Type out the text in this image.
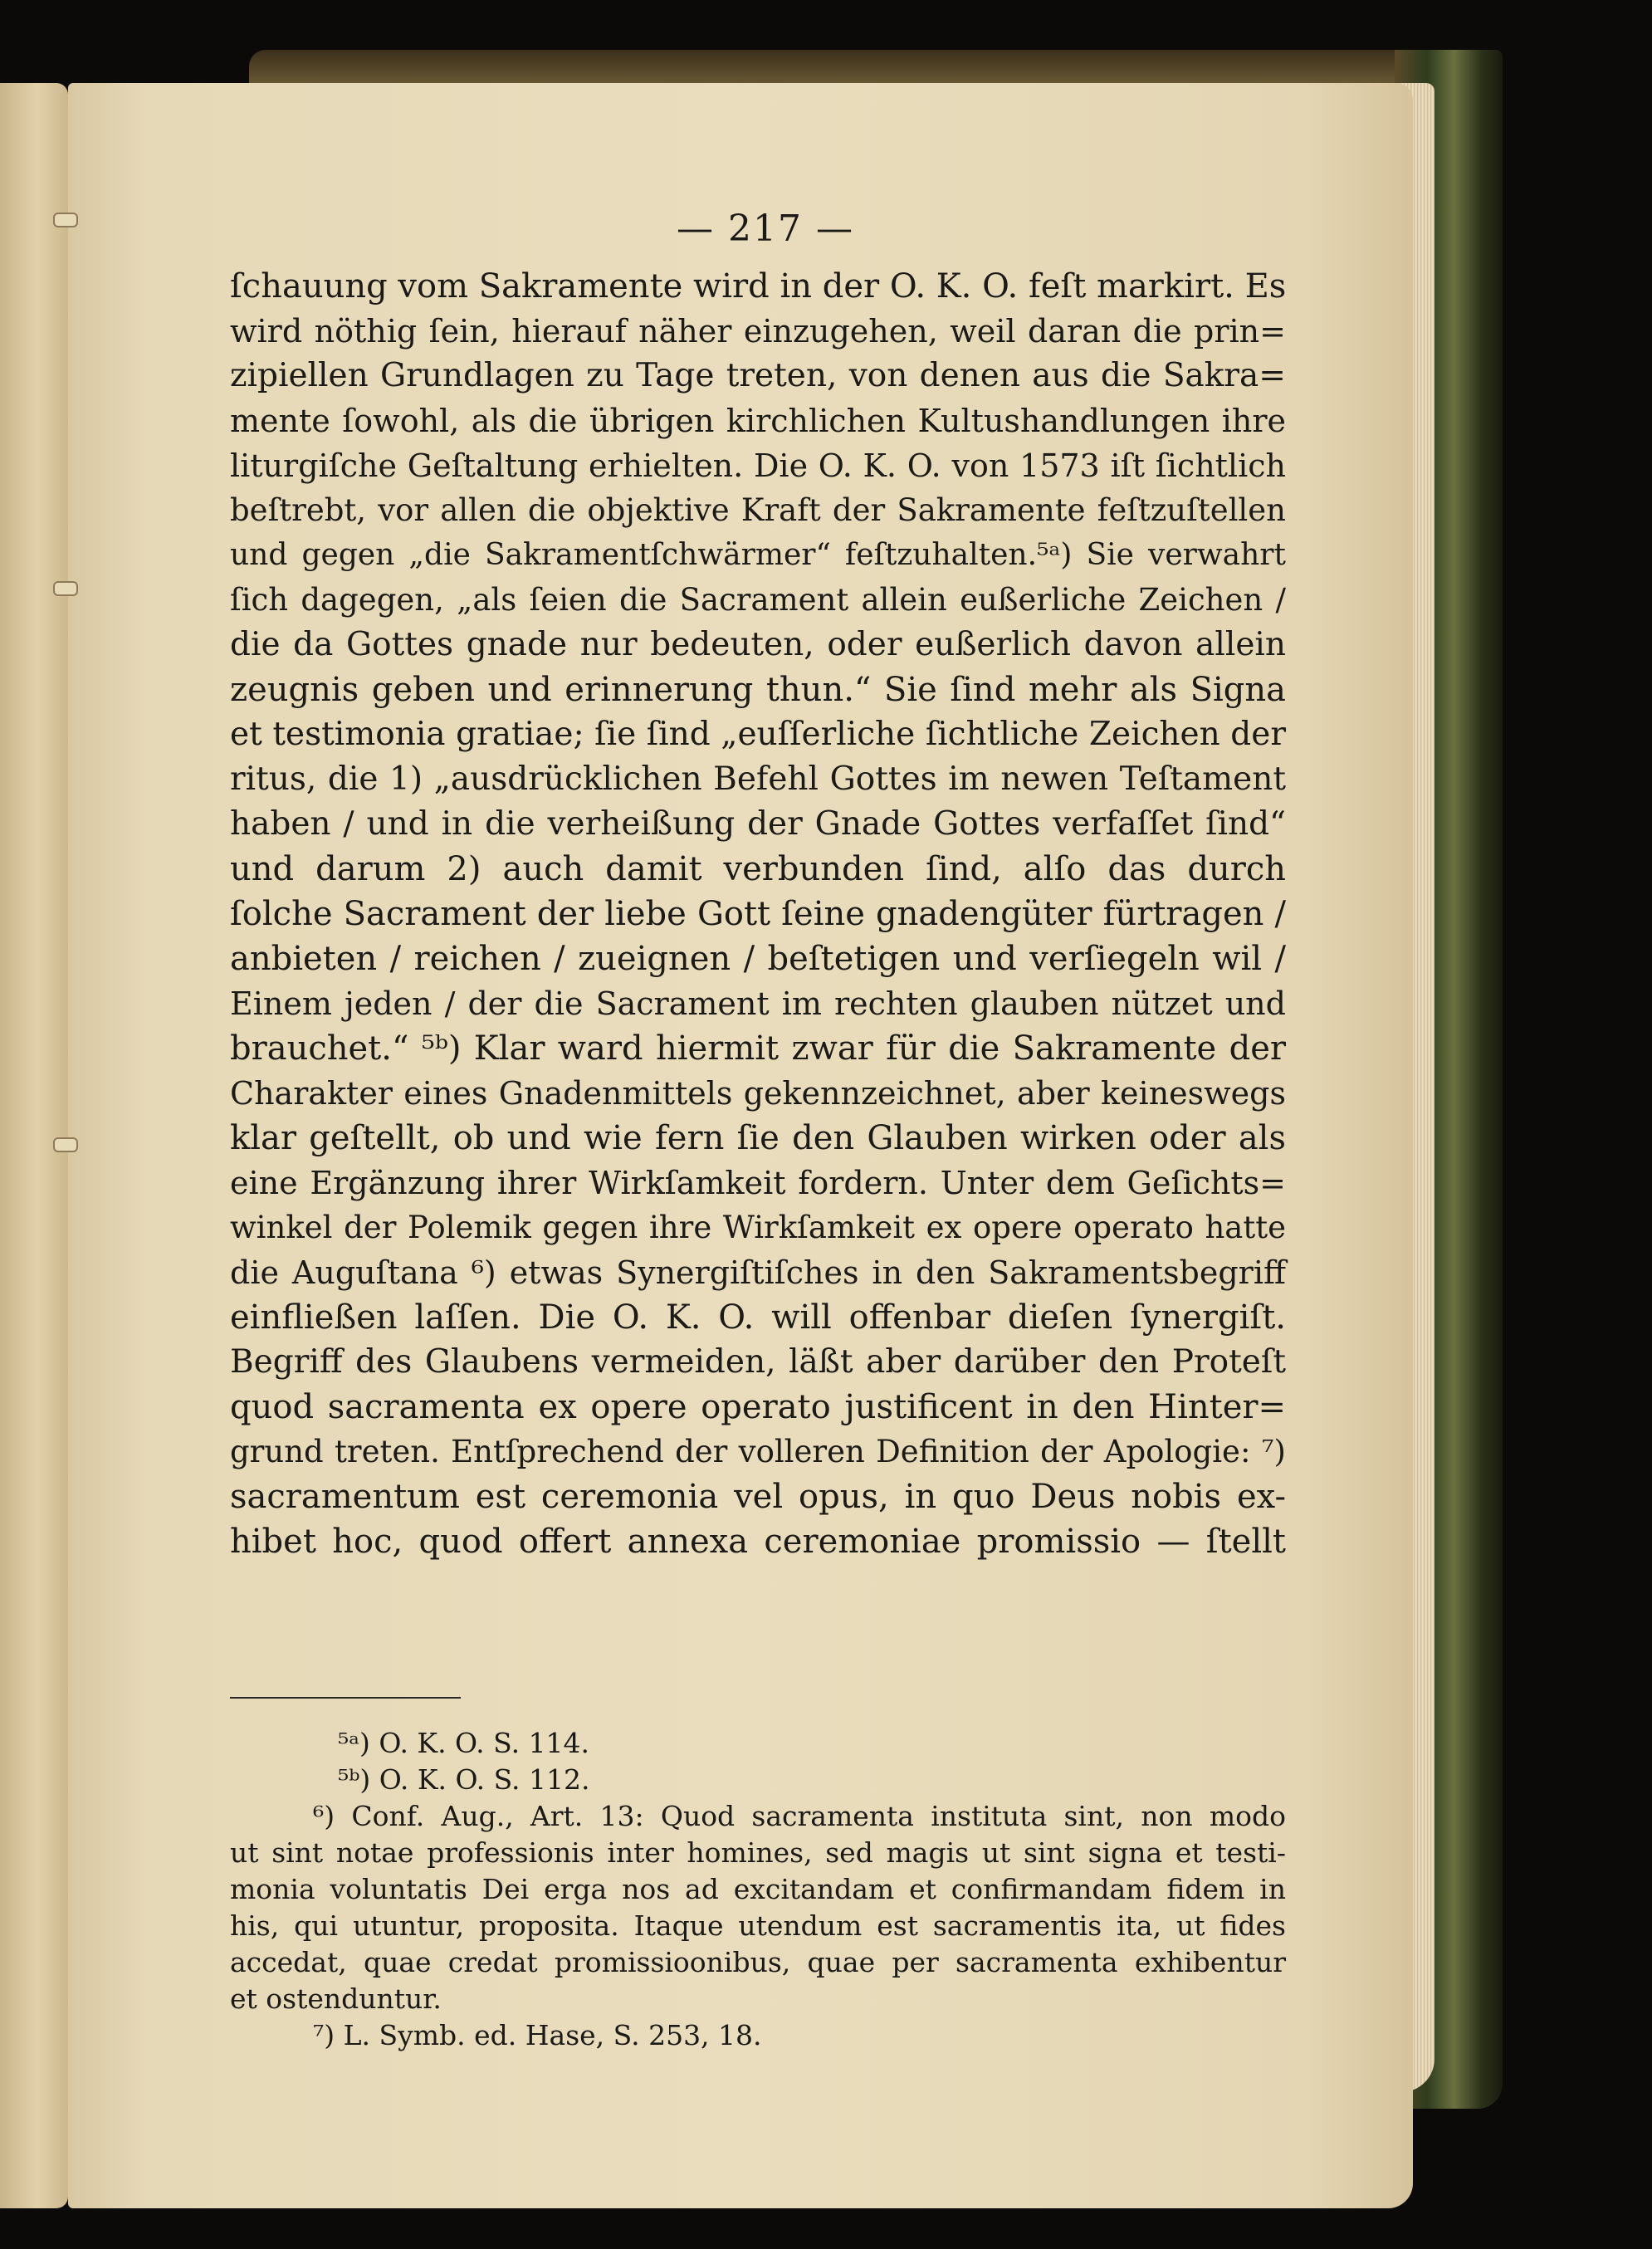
— 217 —
ſchauung vom Sakramente wird in der O. K. O. feſt markirt. Es
wird nöthig ſein, hierauf näher einzugehen, weil daran die prin=
zipiellen Grundlagen zu Tage treten, von denen aus die Sakra=
mente ſowohl, als die übrigen kirchlichen Kultushandlungen ihre
liturgiſche Geſtaltung erhielten. Die O. K. O. von 1573 iſt ſichtlich
beſtrebt, vor allen die objektive Kraft der Sakramente feſtzuſtellen
und gegen „die Sakramentſchwärmer“ feſtzuhalten.⁵ᵃ) Sie verwahrt
ſich dagegen, „als ſeien die Sacrament allein eußerliche Zeichen /
die da Gottes gnade nur bedeuten, oder eußerlich davon allein
zeugnis geben und erinnerung thun.“ Sie ſind mehr als Signa
et testimonia gratiae; ſie ſind „euſſerliche ſichtliche Zeichen der
ritus, die 1) „ausdrücklichen Befehl Gottes im newen Teſtament
haben / und in die verheißung der Gnade Gottes verfaſſet ſind“
und darum 2) auch damit verbunden ſind, alſo das durch
ſolche Sacrament der liebe Gott ſeine gnadengüter fürtragen /
anbieten / reichen / zueignen / beſtetigen und verſiegeln wil /
Einem jeden / der die Sacrament im rechten glauben nützet und
brauchet.“ ⁵ᵇ) Klar ward hiermit zwar für die Sakramente der
Charakter eines Gnadenmittels gekennzeichnet, aber keineswegs
klar geſtellt, ob und wie fern ſie den Glauben wirken oder als
eine Ergänzung ihrer Wirkſamkeit fordern. Unter dem Geſichts=
winkel der Polemik gegen ihre Wirkſamkeit ex opere operato hatte
die Auguſtana ⁶) etwas Synergiſtiſches in den Sakramentsbegriff
einfließen laſſen. Die O. K. O. will offenbar dieſen ſynergiſt.
Begriff des Glaubens vermeiden, läßt aber darüber den Proteſt
quod sacramenta ex opere operato justificent in den Hinter=
grund treten. Entſprechend der volleren Definition der Apologie: ⁷)
sacramentum est ceremonia vel opus, in quo Deus nobis ex-
hibet hoc, quod offert annexa ceremoniae promissio — ſtellt
⁵ᵃ) O. K. O. S. 114.
⁵ᵇ) O. K. O. S. 112.
⁶) Conf. Aug., Art. 13: Quod sacramenta instituta sint, non modo
ut sint notae professionis inter homines, sed magis ut sint signa et testi-
monia voluntatis Dei erga nos ad excitandam et confirmandam fidem in
his, qui utuntur, proposita. Itaque utendum est sacramentis ita, ut fides
accedat, quae credat promissioonibus, quae per sacramenta exhibentur
et ostenduntur.
⁷) L. Symb. ed. Hase, S. 253, 18.
